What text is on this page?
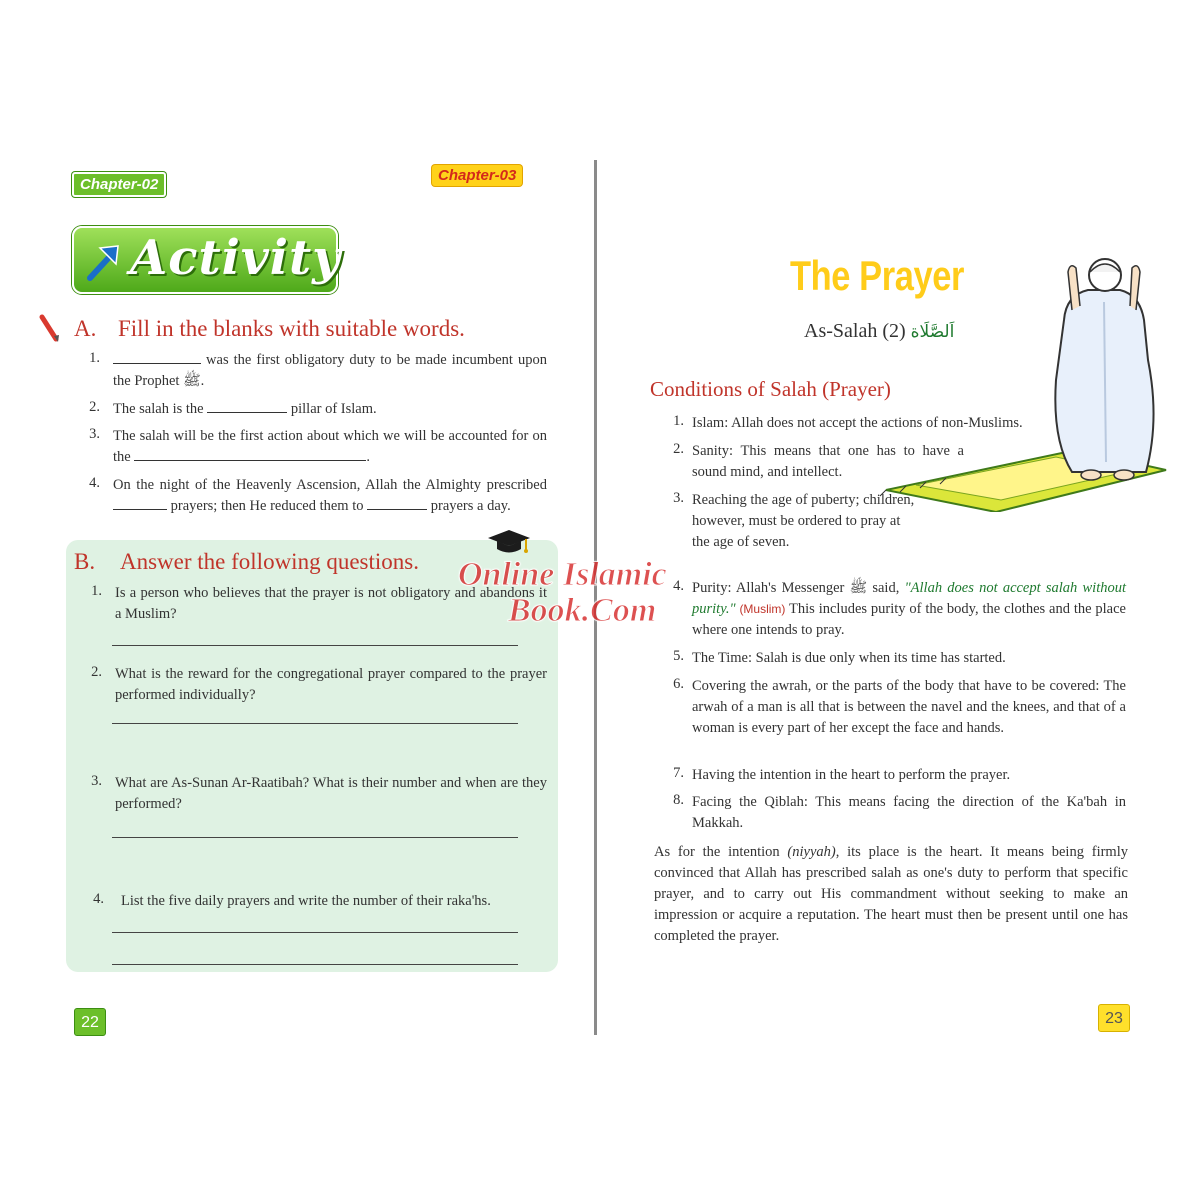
Chapter-02
Activity
A. Fill in the blanks with suitable words.
1.	was the first obligatory duty to be made incumbent upon the Prophet ﷺ.
2. The salah is the	pillar of Islam.
3. The salah will be the first action about which we will be accounted for on the	.
4. On the night of the Heavenly Ascension, Allah the Almighty prescribed  prayers; then He reduced them to	prayers a day.
B. Answer the following questions.
1. Is a person who believes that the prayer is not obligatory and abandons it a Muslim?
2. What is the reward for the congregational prayer compared to the prayer performed individually?
3. What are As-Sunan Ar-Raatibah? What is their number and when are they performed?
4. List the five daily prayers and write the number of their raka'hs.
22
Chapter-03
The Prayer
As-Salah (2) اَلصَّلَاة
Conditions of Salah (Prayer)
1. Islam: Allah does not accept the actions of non-Muslims.
2. Sanity: This means that one has to have a sound mind, and intellect.
3. Reaching the age of puberty; children, however, must be ordered to pray at the age of seven.
4. Purity: Allah's Messenger ﷺ said, "Allah does not accept salah without purity." (Muslim) This includes purity of the body, the clothes and the place where one intends to pray.
5. The Time: Salah is due only when its time has started.
6. Covering the awrah, or the parts of the body that have to be covered: The arwah of a man is all that is between the navel and the knees, and that of a woman is every part of her except the face and hands.
7. Having the intention in the heart to perform the prayer.
8. Facing the Qiblah: This means facing the direction of the Ka'bah in Makkah.
As for the intention (niyyah), its place is the heart. It means being firmly convinced that Allah has prescribed salah as one's duty to perform that specific prayer, and to carry out His commandment without seeking to make an impression or acquire a reputation. The heart must then be present until one has completed the prayer.
23
Online Islamic
Book.Com
